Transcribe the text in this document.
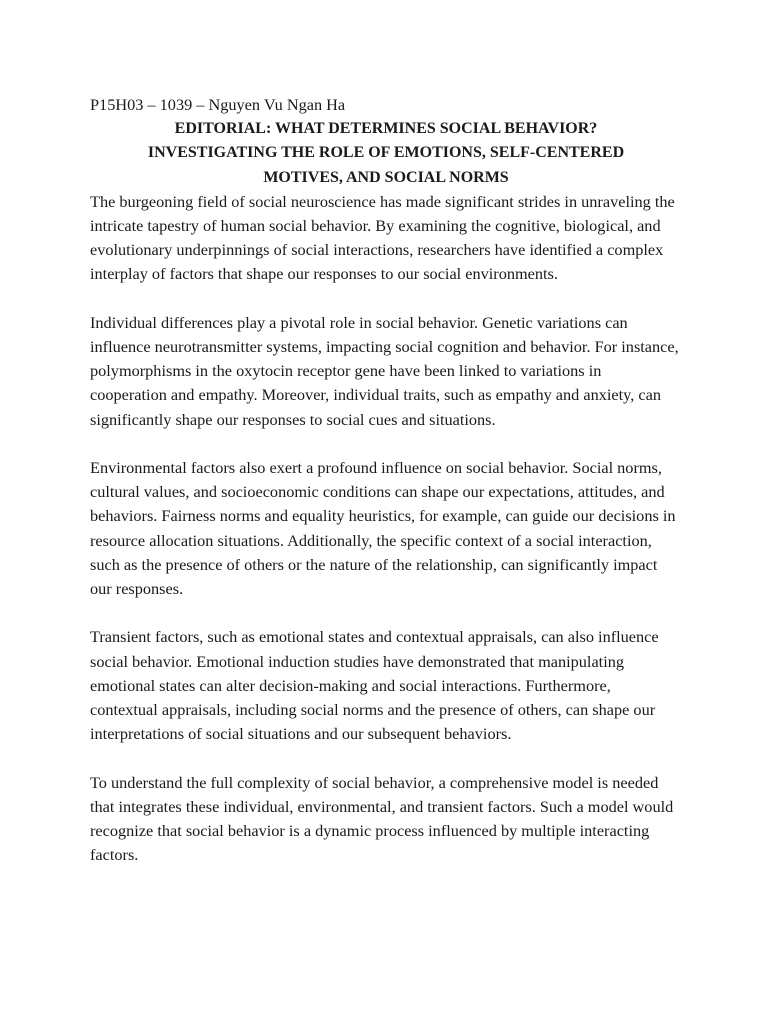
P15H03 – 1039 – Nguyen Vu Ngan Ha

EDITORIAL: WHAT DETERMINES SOCIAL BEHAVIOR?

INVESTIGATING THE ROLE OF EMOTIONS, SELF-CENTERED

MOTIVES, AND SOCIAL NORMS

The burgeoning field of social neuroscience has made significant strides in unraveling the intricate tapestry of human social behavior. By examining the cognitive, biological, and evolutionary underpinnings of social interactions, researchers have identified a complex interplay of factors that shape our responses to our social environments.

Individual differences play a pivotal role in social behavior. Genetic variations can influence neurotransmitter systems, impacting social cognition and behavior. For instance, polymorphisms in the oxytocin receptor gene have been linked to variations in cooperation and empathy. Moreover, individual traits, such as empathy and anxiety, can significantly shape our responses to social cues and situations.

Environmental factors also exert a profound influence on social behavior. Social norms, cultural values, and socioeconomic conditions can shape our expectations, attitudes, and behaviors. Fairness norms and equality heuristics, for example, can guide our decisions in resource allocation situations. Additionally, the specific context of a social interaction, such as the presence of others or the nature of the relationship, can significantly impact our responses.

Transient factors, such as emotional states and contextual appraisals, can also influence social behavior. Emotional induction studies have demonstrated that manipulating emotional states can alter decision-making and social interactions. Furthermore, contextual appraisals, including social norms and the presence of others, can shape our interpretations of social situations and our subsequent behaviors.

To understand the full complexity of social behavior, a comprehensive model is needed that integrates these individual, environmental, and transient factors. Such a model would recognize that social behavior is a dynamic process influenced by multiple interacting factors.
